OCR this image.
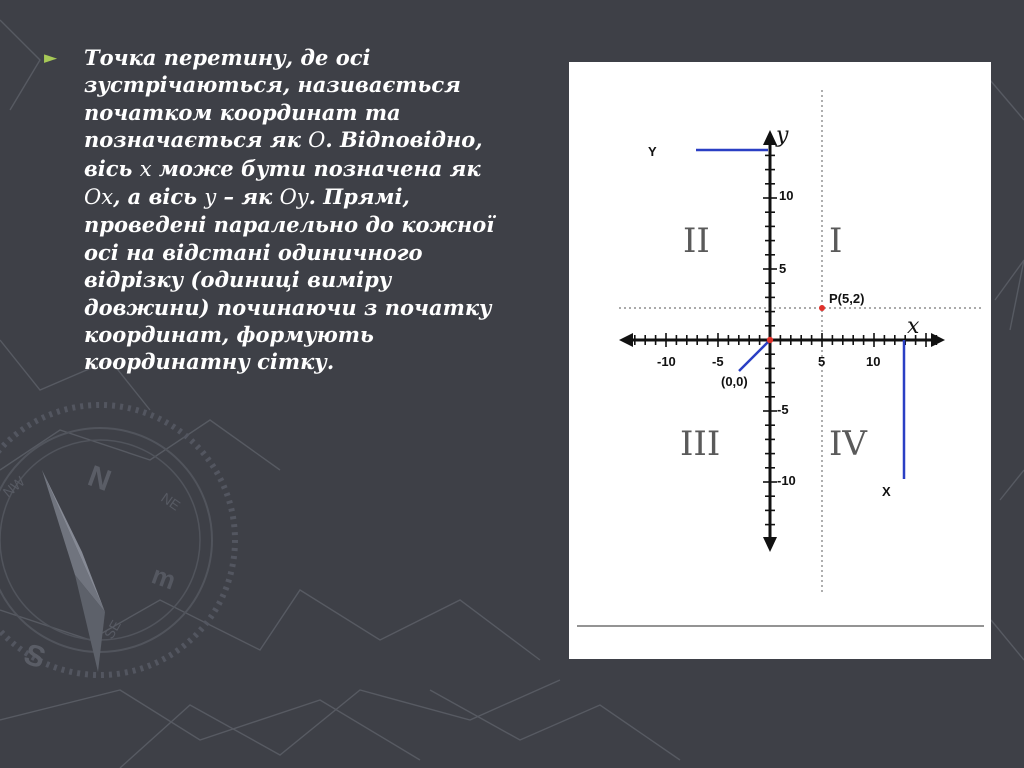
N
S
m
NE
NW
SE
► Точка перетину, де осі
зустрічаються, називається
початком координат та
позначається як O. Відповідно,
вісь x може бути позначена як
Ox, а вісь y – як Oy. Прямі,
проведені паралельно до кожної
осі на відстані одиничного
відрізку (одиниці виміру
довжини) починаючи з початку
координат, формують
координатну сітку.
y
x
Y
X
I
II
III	IV
-10	-5	5	10
10
5
-5
-10
P(5,2)
(0,0)
